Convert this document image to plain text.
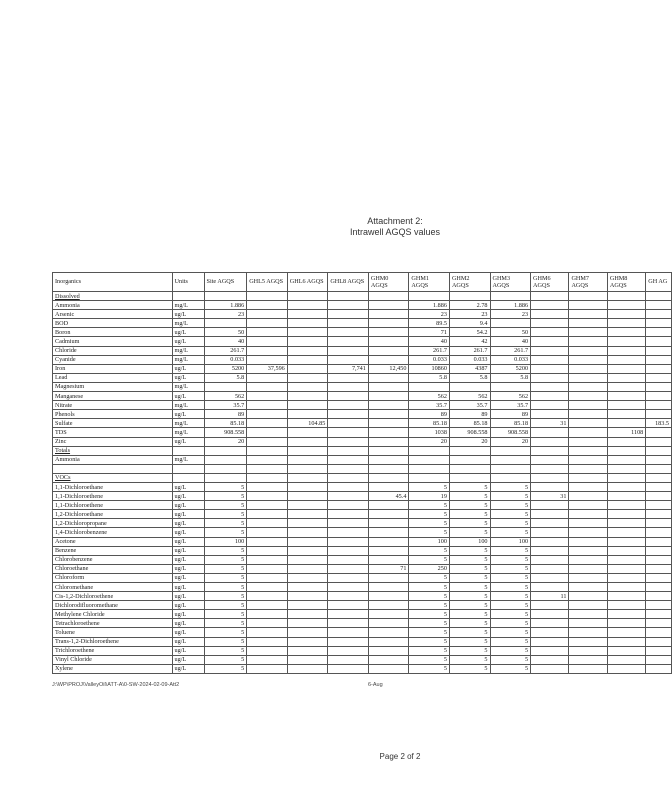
Attachment 2:
Intrawell AGQS values
Inorganics	Units	Site AGQS	GHL5 AGQS	GHL6 AGQS	GHL8 AGQS	GHM0 AGQS	GHM1 AGQS	GHM2 AGQS	GHM3 AGQS	GHM6 AGQS	GHM7 AGQS	GHM8 AGQS	GH AG
Dissolved													
Ammonia	mg/L	1.886					1.886	2.78	1.886				
Arsenic	ug/L	23					23	23	23				
BOD	mg/L						89.5	9.4					
Boron	ug/L	50					71	54.2	50				
Cadmium	ug/L	40					40	42	40				
Chloride	mg/L	261.7					261.7	261.7	261.7				
Cyanide	mg/L	0.033					0.033	0.033	0.033				
Iron	ug/L	5200	37,596		7,741	12,450	10860	4387	5200				
Lead	ug/L	5.8					5.8	5.8	5.8				
Magnesium	mg/L												
Manganese	ug/L	562					562	562	562				
Nitrate	mg/L	35.7					35.7	35.7	35.7				
Phenols	ug/L	89					89	89	89				
Sulfate	mg/L	85.18		104.85			85.18	85.18	85.18	31			183.5
TDS	mg/L	908.558					1038	908.558	908.558			1108	
Zinc	ug/L	20					20	20	20				
Totals													
Ammonia	mg/L												

VOCs													
1,1-Dichloroethane	ug/L	5					5	5	5				
1,1-Dichloroethene	ug/L	5				45.4	19	5	5	31			
1,1-Dichloroethene	ug/L	5					5	5	5				
1,2-Dichloroethane	ug/L	5					5	5	5				
1,2-Dichloropropane	ug/L	5					5	5	5				
1,4-Dichlorobenzene	ug/L	5					5	5	5				
Acetone	ug/L	100					100	100	100				
Benzene	ug/L	5					5	5	5				
Chlorobenzene	ug/L	5					5	5	5				
Chloroethane	ug/L	5				71	250	5	5				
Chloroform	ug/L	5					5	5	5				
Chloromethane	ug/L	5					5	5	5				
Cis-1,2-Dichloroethene	ug/L	5					5	5	5	11			
Dichlorodifluoromethane	ug/L	5					5	5	5				
Methylene Chloride	ug/L	5					5	5	5				
Tetrachloroethene	ug/L	5					5	5	5				
Toluene	ug/L	5					5	5	5				
Trans-1,2-Dichloroethene	ug/L	5					5	5	5				
Trichloroethene	ug/L	5					5	5	5				
Vinyl Chloride	ug/L	5					5	5	5				
Xylene	ug/L	5					5	5	5				
J:\WP\PROJ\ValleyOil\ATT-A\0-SW-2024-02-09-Att2	6-Aug
Page 2 of 2
